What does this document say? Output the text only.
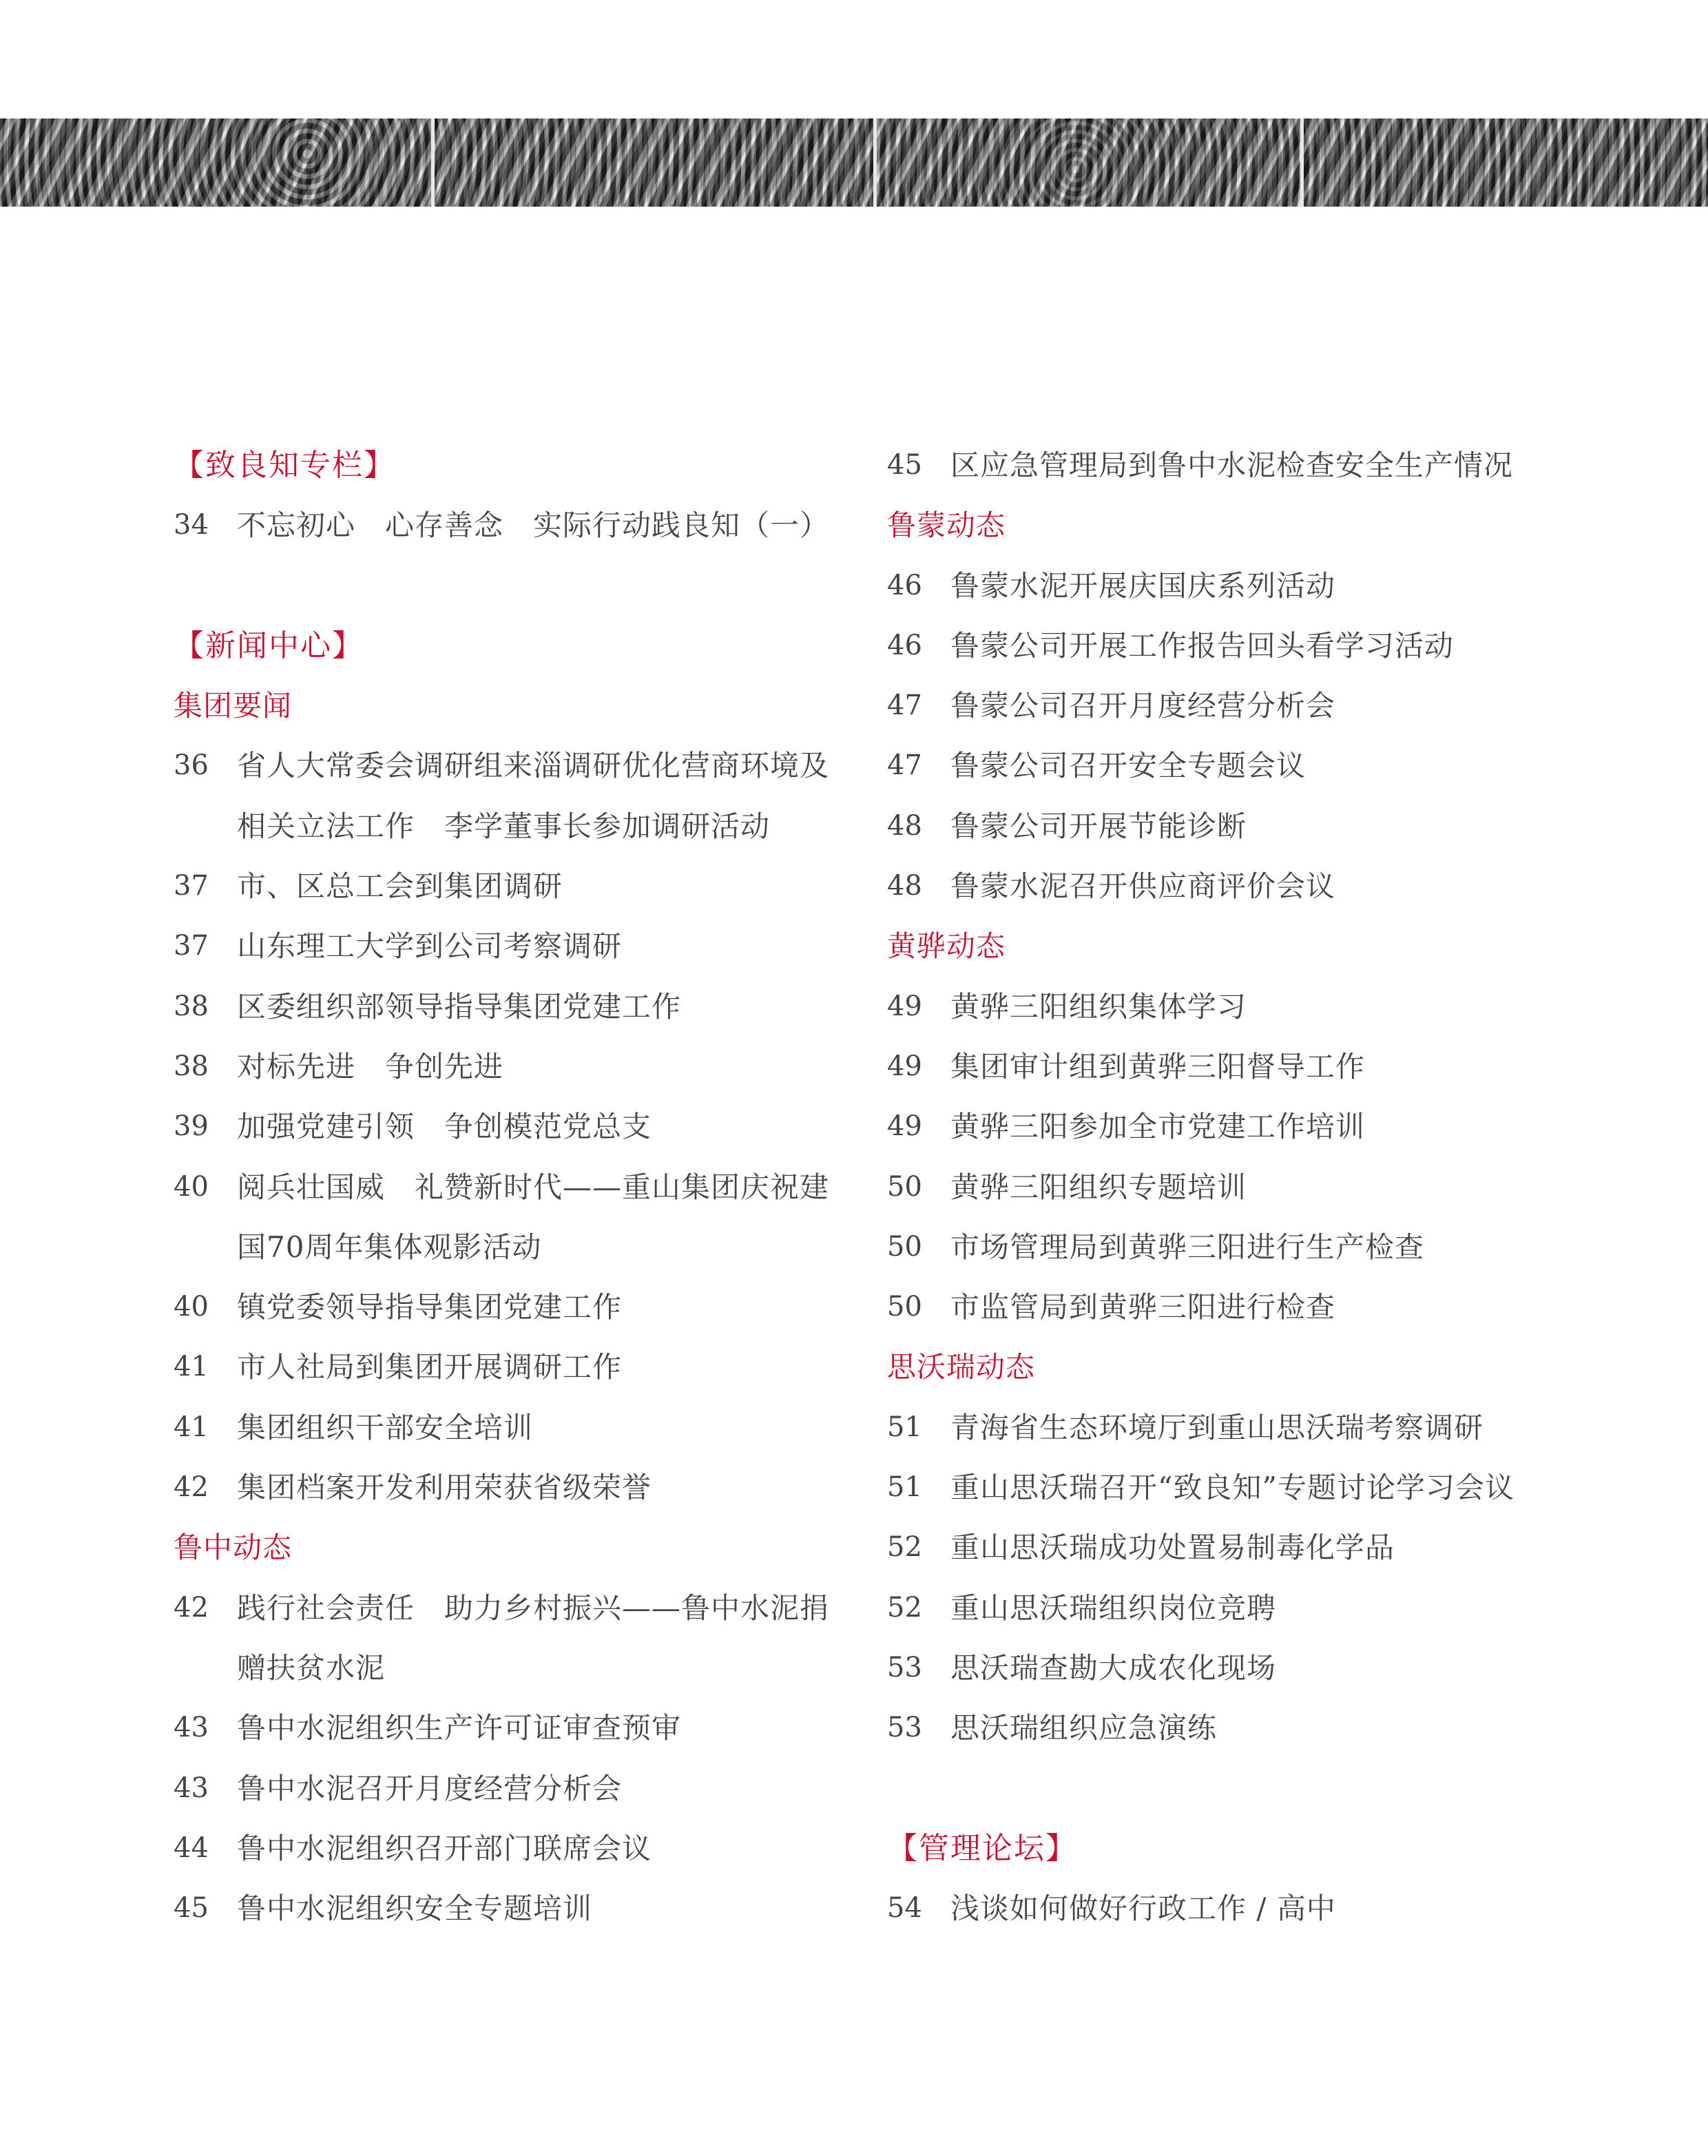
【致良知专栏】
34 不忘初心　心存善念　实际行动践良知（一）
【新闻中心】
集团要闻
36 省人大常委会调研组来淄调研优化营商环境及相关立法工作　李学董事长参加调研活动
37 市、区总工会到集团调研
37 山东理工大学到公司考察调研
38 区委组织部领导指导集团党建工作
38 对标先进　争创先进
39 加强党建引领　争创模范党总支
40 阅兵壮国威　礼赞新时代——重山集团庆祝建国70周年集体观影活动
40 镇党委领导指导集团党建工作
41 市人社局到集团开展调研工作
41 集团组织干部安全培训
42 集团档案开发利用荣获省级荣誉
鲁中动态
42 践行社会责任　助力乡村振兴——鲁中水泥捐赠扶贫水泥
43 鲁中水泥组织生产许可证审查预审
43 鲁中水泥召开月度经营分析会
44 鲁中水泥组织召开部门联席会议
45 鲁中水泥组织安全专题培训
45 区应急管理局到鲁中水泥检查安全生产情况
鲁蒙动态
46 鲁蒙水泥开展庆国庆系列活动
46 鲁蒙公司开展工作报告回头看学习活动
47 鲁蒙公司召开月度经营分析会
47 鲁蒙公司召开安全专题会议
48 鲁蒙公司开展节能诊断
48 鲁蒙水泥召开供应商评价会议
黄骅动态
49 黄骅三阳组织集体学习
49 集团审计组到黄骅三阳督导工作
49 黄骅三阳参加全市党建工作培训
50 黄骅三阳组织专题培训
50 市场管理局到黄骅三阳进行生产检查
50 市监管局到黄骅三阳进行检查
思沃瑞动态
51 青海省生态环境厅到重山思沃瑞考察调研
51 重山思沃瑞召开“致良知”专题讨论学习会议
52 重山思沃瑞成功处置易制毒化学品
52 重山思沃瑞组织岗位竞聘
53 思沃瑞查勘大成农化现场
53 思沃瑞组织应急演练
【管理论坛】
54 浅谈如何做好行政工作 / 高中
